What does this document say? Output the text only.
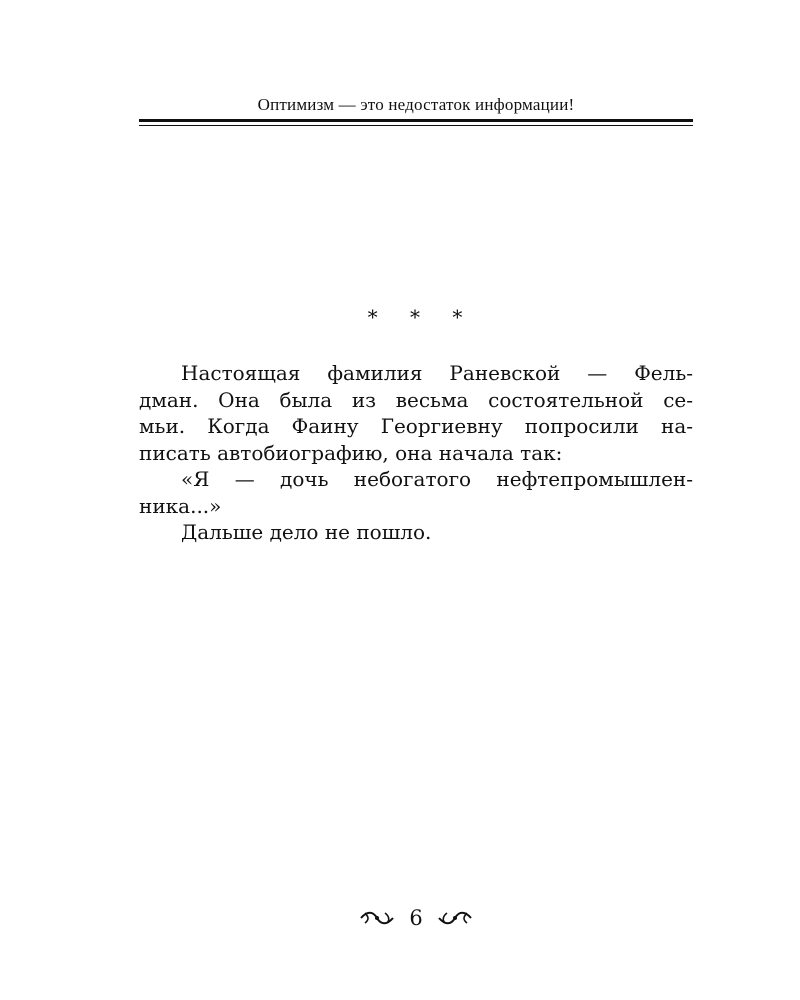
Оптимизм — это недостаток информации!
* * *
Настоящая фамилия Раневской — Фель-
дман. Она была из весьма состоятельной се-
мьи. Когда Фаину Георгиевну попросили на-
писать автобиографию, она начала так:
«Я — дочь небогатого нефтепромышлен-
ника...»
Дальше дело не пошло.
6
